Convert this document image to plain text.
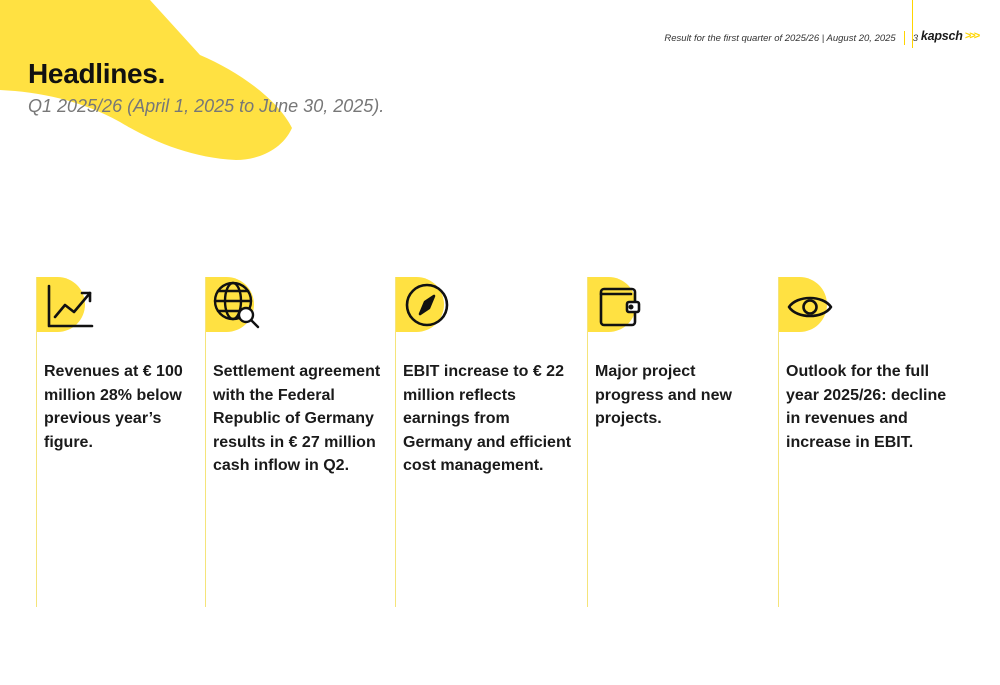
Result for the first quarter of 2025/26 | August 20, 2025 3 kapsch >>>
Headlines.
Q1 2025/26 (April 1, 2025 to June 30, 2025).
Revenues at € 100 million 28% below previous year’s figure.
Settlement agreement with the Federal Republic of Germany results in € 27 million cash inflow in Q2.
EBIT increase to € 22 million reflects earnings from Germany and efficient cost management.
Major project progress and new projects.
Outlook for the full year 2025/26: decline in revenues and increase in EBIT.
